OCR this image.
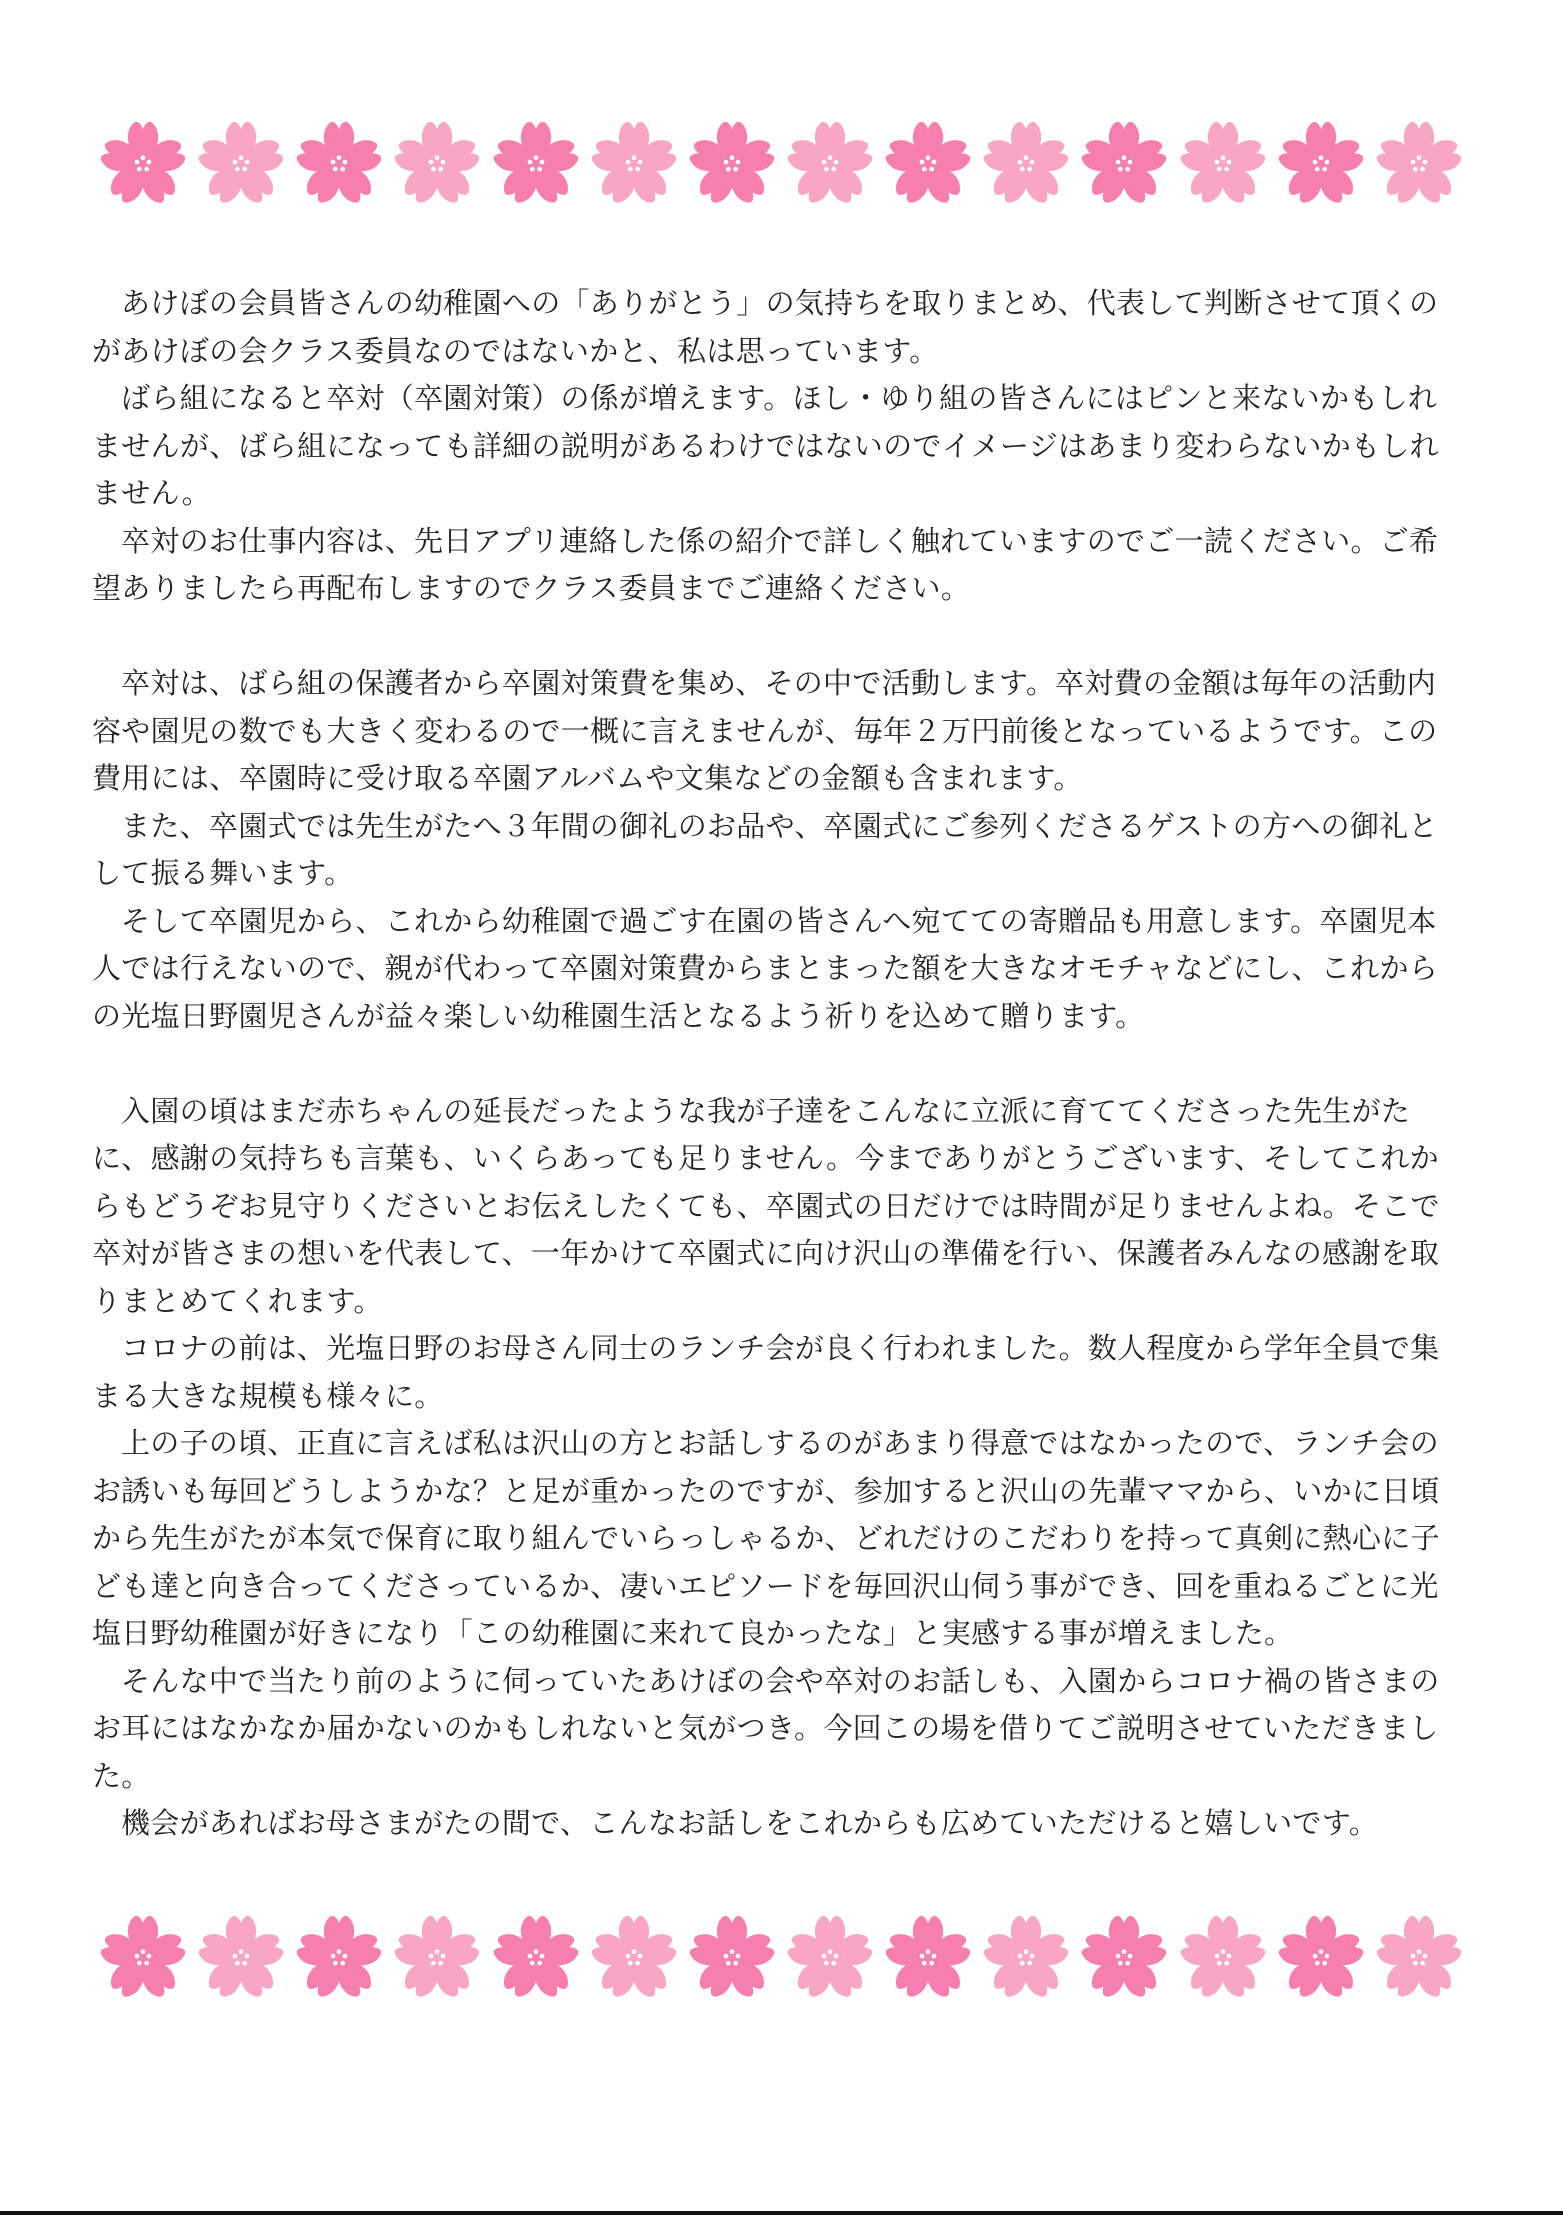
あけぼの会員皆さんの幼稚園への「ありがとう」の気持ちを取りまとめ、代表して判断させて頂くのがあけぼの会クラス委員なのではないかと、私は思っています。

ばら組になると卒対（卒園対策）の係が増えます。ほし・ゆり組の皆さんにはピンと来ないかもしれませんが、ばら組になっても詳細の説明があるわけではないのでイメージはあまり変わらないかもしれません。

卒対のお仕事内容は、先日アプリ連絡した係の紹介で詳しく触れていますのでご一読ください。ご希望ありましたら再配布しますのでクラス委員までご連絡ください。

卒対は、ばら組の保護者から卒園対策費を集め、その中で活動します。卒対費の金額は毎年の活動内容や園児の数でも大きく変わるので一概に言えませんが、毎年２万円前後となっているようです。この費用には、卒園時に受け取る卒園アルバムや文集などの金額も含まれます。

また、卒園式では先生がたへ３年間の御礼のお品や、卒園式にご参列くださるゲストの方への御礼として振る舞います。

そして卒園児から、これから幼稚園で過ごす在園の皆さんへ宛てての寄贈品も用意します。卒園児本人では行えないので、親が代わって卒園対策費からまとまった額を大きなオモチャなどにし、これからの光塩日野園児さんが益々楽しい幼稚園生活となるよう祈りを込めて贈ります。

入園の頃はまだ赤ちゃんの延長だったような我が子達をこんなに立派に育ててくださった先生がたに、感謝の気持ちも言葉も、いくらあっても足りません。今までありがとうございます、そしてこれからもどうぞお見守りくださいとお伝えしたくても、卒園式の日だけでは時間が足りませんよね。そこで卒対が皆さまの想いを代表して、一年かけて卒園式に向け沢山の準備を行い、保護者みんなの感謝を取りまとめてくれます。

コロナの前は、光塩日野のお母さん同士のランチ会が良く行われました。数人程度から学年全員で集まる大きな規模も様々に。

上の子の頃、正直に言えば私は沢山の方とお話しするのがあまり得意ではなかったので、ランチ会のお誘いも毎回どうしようかな？と足が重かったのですが、参加すると沢山の先輩ママから、いかに日頃から先生がたが本気で保育に取り組んでいらっしゃるか、どれだけのこだわりを持って真剣に熱心に子ども達と向き合ってくださっているか、凄いエピソードを毎回沢山伺う事ができ、回を重ねるごとに光塩日野幼稚園が好きになり「この幼稚園に来れて良かったな」と実感する事が増えました。

そんな中で当たり前のように伺っていたあけぼの会や卒対のお話しも、入園からコロナ禍の皆さまのお耳にはなかなか届かないのかもしれないと気がつき。今回この場を借りてご説明させていただきました。

機会があればお母さまがたの間で、こんなお話しをこれからも広めていただけると嬉しいです。
